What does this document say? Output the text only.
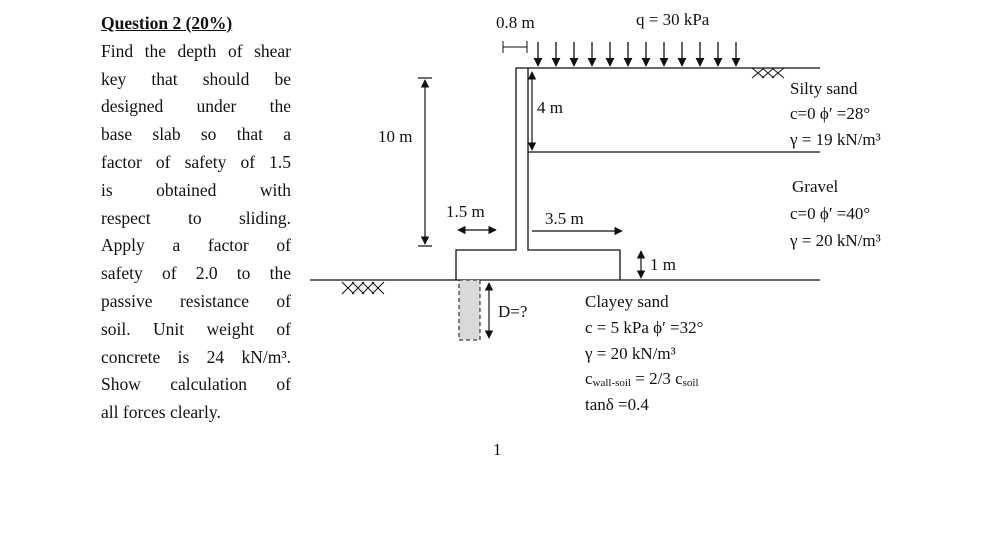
Question 2 (20%)
Find the depth of shear
key that should be
designed under the
base slab so that a
factor of safety of 1.5
is obtained with
respect to sliding.
Apply a factor of
safety of 2.0 to the
passive resistance of
soil. Unit weight of
concrete is 24 kN/m³.
Show calculation of
all forces clearly.
0.8 m	q = 30 kPa
10 m
4 m
1.5 m	3.5 m
1 m
D=?
Silty sand
c=0 ϕ′ =28°
γ = 19 kN/m³
Gravel
c=0 ϕ′ =40°
γ = 20 kN/m³
Clayey sand
c = 5 kPa ϕ′ =32°
γ = 20 kN/m³
cwall-soil = 2/3 csoil
tanδ =0.4
1
